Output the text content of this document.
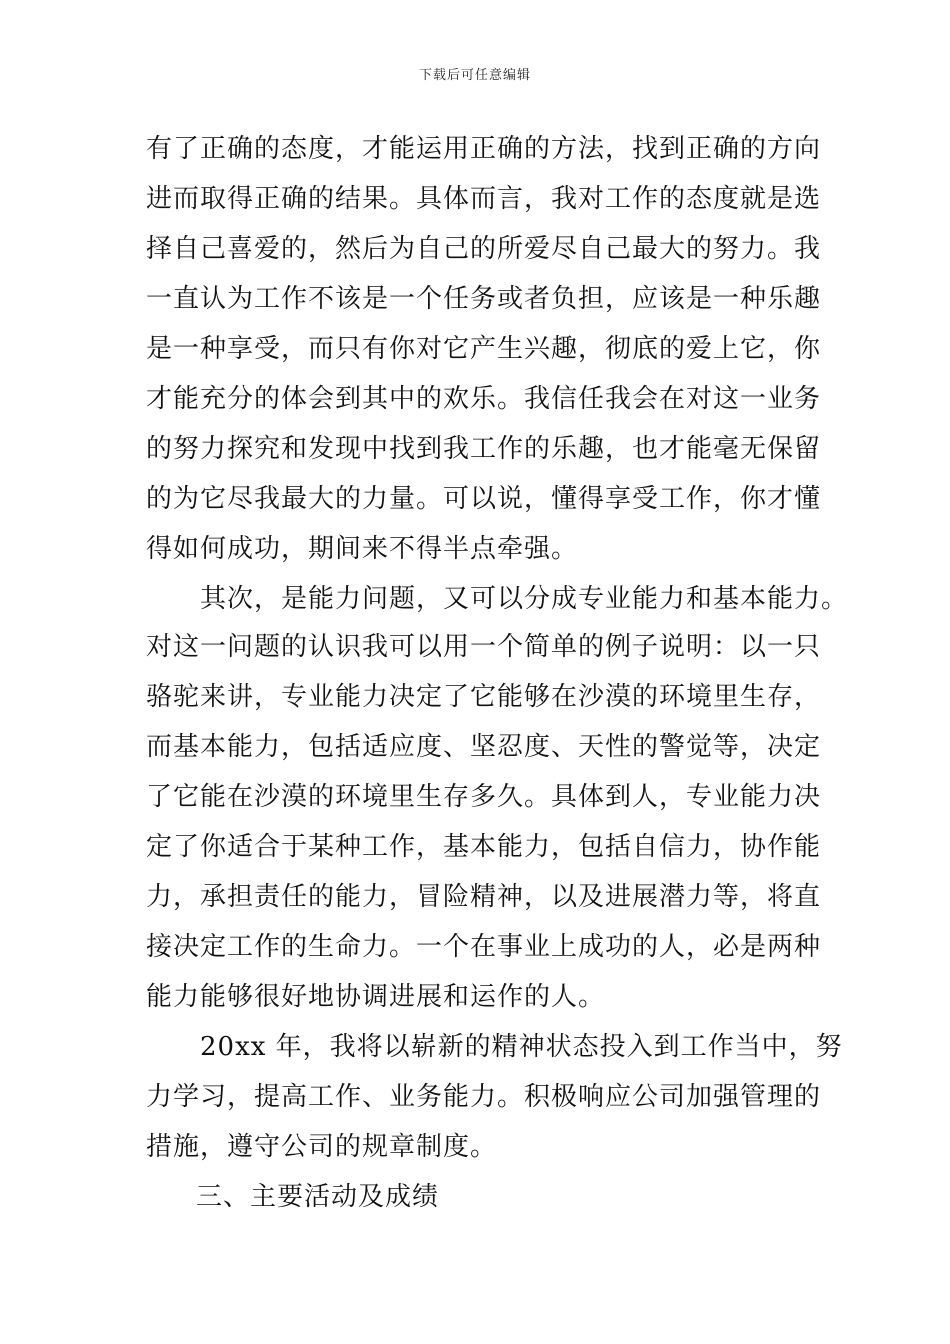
下载后可任意编辑
有了正确的态度，才能运用正确的方法，找到正确的方向
进而取得正确的结果。具体而言，我对工作的态度就是选
择自己喜爱的，然后为自己的所爱尽自己最大的努力。我
一直认为工作不该是一个任务或者负担，应该是一种乐趣
是一种享受，而只有你对它产生兴趣，彻底的爱上它，你
才能充分的体会到其中的欢乐。我信任我会在对这一业务
的努力探究和发现中找到我工作的乐趣，也才能毫无保留
的为它尽我最大的力量。可以说，懂得享受工作，你才懂
得如何成功，期间来不得半点牵强。
其次，是能力问题，又可以分成专业能力和基本能力。
对这一问题的认识我可以用一个简单的例子说明：以一只
骆驼来讲，专业能力决定了它能够在沙漠的环境里生存，
而基本能力，包括适应度、坚忍度、天性的警觉等，决定
了它能在沙漠的环境里生存多久。具体到人，专业能力决
定了你适合于某种工作，基本能力，包括自信力，协作能
力，承担责任的能力，冒险精神，以及进展潜力等，将直
接决定工作的生命力。一个在事业上成功的人，必是两种
能力能够很好地协调进展和运作的人。
20xx 年，我将以崭新的精神状态投入到工作当中，努
力学习，提高工作、业务能力。积极响应公司加强管理的
措施，遵守公司的规章制度。
三、主要活动及成绩
